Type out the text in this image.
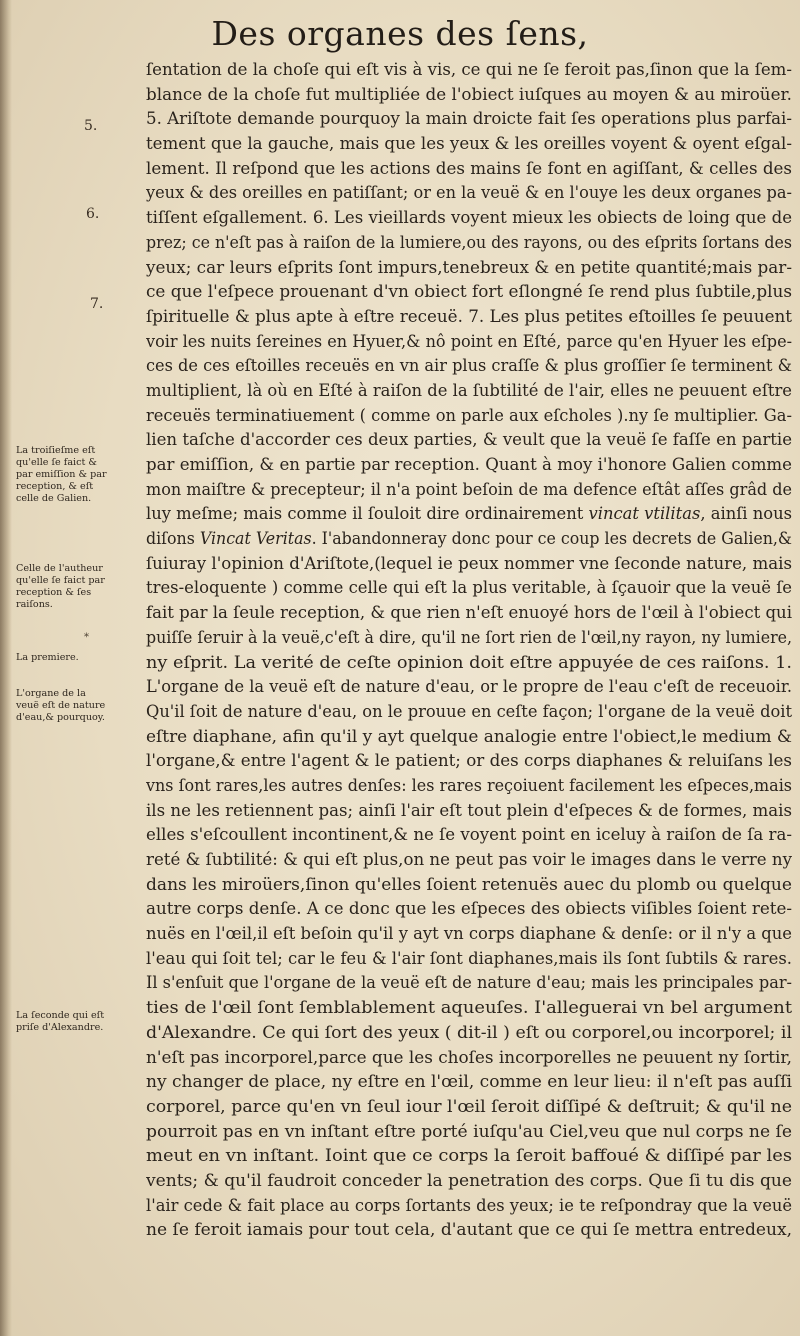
Des organes des ſens,
5.
6.
7.
*
ſentation de la choſe qui eſt vis à vis, ce qui ne ſe feroit pas,ſinon que la ſem-
blance de la choſe fut multipliée de l'obiect iuſques au moyen & au miroüer.
5. Ariſtote demande pourquoy la main droicte fait ſes operations plus parfai-
tement que la gauche, mais que les yeux & les oreilles voyent & oyent eſgal-
lement. Il reſpond que les actions des mains ſe font en agiſſant, & celles des
yeux & des oreilles en patiſſant; or en la veuë & en l'ouye les deux organes pa-
tiſſent eſgallement. 6. Les vieillards voyent mieux les obiects de loing que de
prez; ce n'eſt pas à raiſon de la lumiere,ou des rayons, ou des eſprits ſortans des
yeux; car leurs eſprits ſont impurs,tenebreux & en petite quantité;mais par-
ce que l'eſpece prouenant d'vn obiect fort eſlongné ſe rend plus ſubtile,plus
ſpirituelle & plus apte à eſtre receuë. 7. Les plus petites eſtoilles ſe peuuent
voir les nuits ſereines en Hyuer,& nô point en Eſté, parce qu'en Hyuer les eſpe-
ces de ces eſtoilles receuës en vn air plus craſſe & plus groſſier ſe terminent &
multiplient, là où en Eſté à raiſon de la ſubtilité de l'air, elles ne peuuent eſtre
receuës terminatiuement ( comme on parle aux eſcholes ).ny ſe multiplier. Ga-
lien taſche d'accorder ces deux parties, & veult que la veuë ſe faſſe en partie
par emiſſion, & en partie par reception. Quant à moy i'honore Galien comme
mon maiſtre & precepteur; il n'a point beſoin de ma defence eſtât aſſes grâd de
luy meſme; mais comme il ſouloit dire ordinairement vincat vtilitas, ainſi nous
diſons Vincat Veritas. I'abandonneray donc pour ce coup les decrets de Galien,&
ſuiuray l'opinion d'Ariſtote,(lequel ie peux nommer vne ſeconde nature, mais
tres-eloquente ) comme celle qui eſt la plus veritable, à ſçauoir que la veuë ſe
fait par la ſeule reception, & que rien n'eſt enuoyé hors de l'œil à l'obiect qui
puiſſe ſeruir à la veuë,c'eſt à dire, qu'il ne ſort rien de l'œil,ny rayon, ny lumiere,
ny eſprit. La verité de ceſte opinion doit eſtre appuyée de ces raiſons. 1.
L'organe de la veuë eſt de nature d'eau, or le propre de l'eau c'eſt de receuoir.
Qu'il ſoit de nature d'eau, on le prouue en ceſte façon; l'organe de la veuë doit
eſtre diaphane, afin qu'il y ayt quelque analogie entre l'obiect,le medium &
l'organe,& entre l'agent & le patient; or des corps diaphanes & reluiſans les
vns ſont rares,les autres denſes: les rares reçoiuent facilement les eſpeces,mais
ils ne les retiennent pas; ainſi l'air eſt tout plein d'eſpeces & de formes, mais
elles s'eſcoullent incontinent,& ne ſe voyent point en iceluy à raiſon de ſa ra-
reté & ſubtilité: & qui eſt plus,on ne peut pas voir le images dans le verre ny
dans les miroüers,ſinon qu'elles ſoient retenuës auec du plomb ou quelque
autre corps denſe. A ce donc que les eſpeces des obiects viſibles ſoient rete-
nuës en l'œil,il eſt beſoin qu'il y ayt vn corps diaphane & denſe: or il n'y a que
l'eau qui ſoit tel; car le feu & l'air ſont diaphanes,mais ils ſont ſubtils & rares.
Il s'enſuit que l'organe de la veuë eſt de nature d'eau; mais les principales par-
ties de l'œil ſont ſemblablement aqueuſes. I'alleguerai vn bel argument
d'Alexandre. Ce qui ſort des yeux ( dit-il ) eſt ou corporel,ou incorporel; il
n'eſt pas incorporel,parce que les choſes incorporelles ne peuuent ny ſortir,
ny changer de place, ny eſtre en l'œil, comme en leur lieu: il n'eſt pas auſſi
corporel, parce qu'en vn ſeul iour l'œil ſeroit diſſipé & deſtruit; & qu'il ne
pourroit pas en vn inſtant eſtre porté iuſqu'au Ciel,veu que nul corps ne ſe
meut en vn inſtant. Ioint que ce corps la ſeroit baffoué & diſſipé par les
vents; & qu'il faudroit conceder la penetration des corps. Que ſi tu dis que
l'air cede & fait place au corps ſortants des yeux; ie te reſpondray que la veuë
ne ſe feroit iamais pour tout cela, d'autant que ce qui ſe mettra entredeux,
La troiſieſme eſt
qu'elle ſe faict &
par emiſſion & par
reception, & eſt
celle de Galien.
Celle de l'autheur
qu'elle ſe faict par
reception & ſes
raiſons.
La premiere.
L'organe de la
veuë eſt de nature
d'eau,& pourquoy.
La ſeconde qui eſt
priſe d'Alexandre.
